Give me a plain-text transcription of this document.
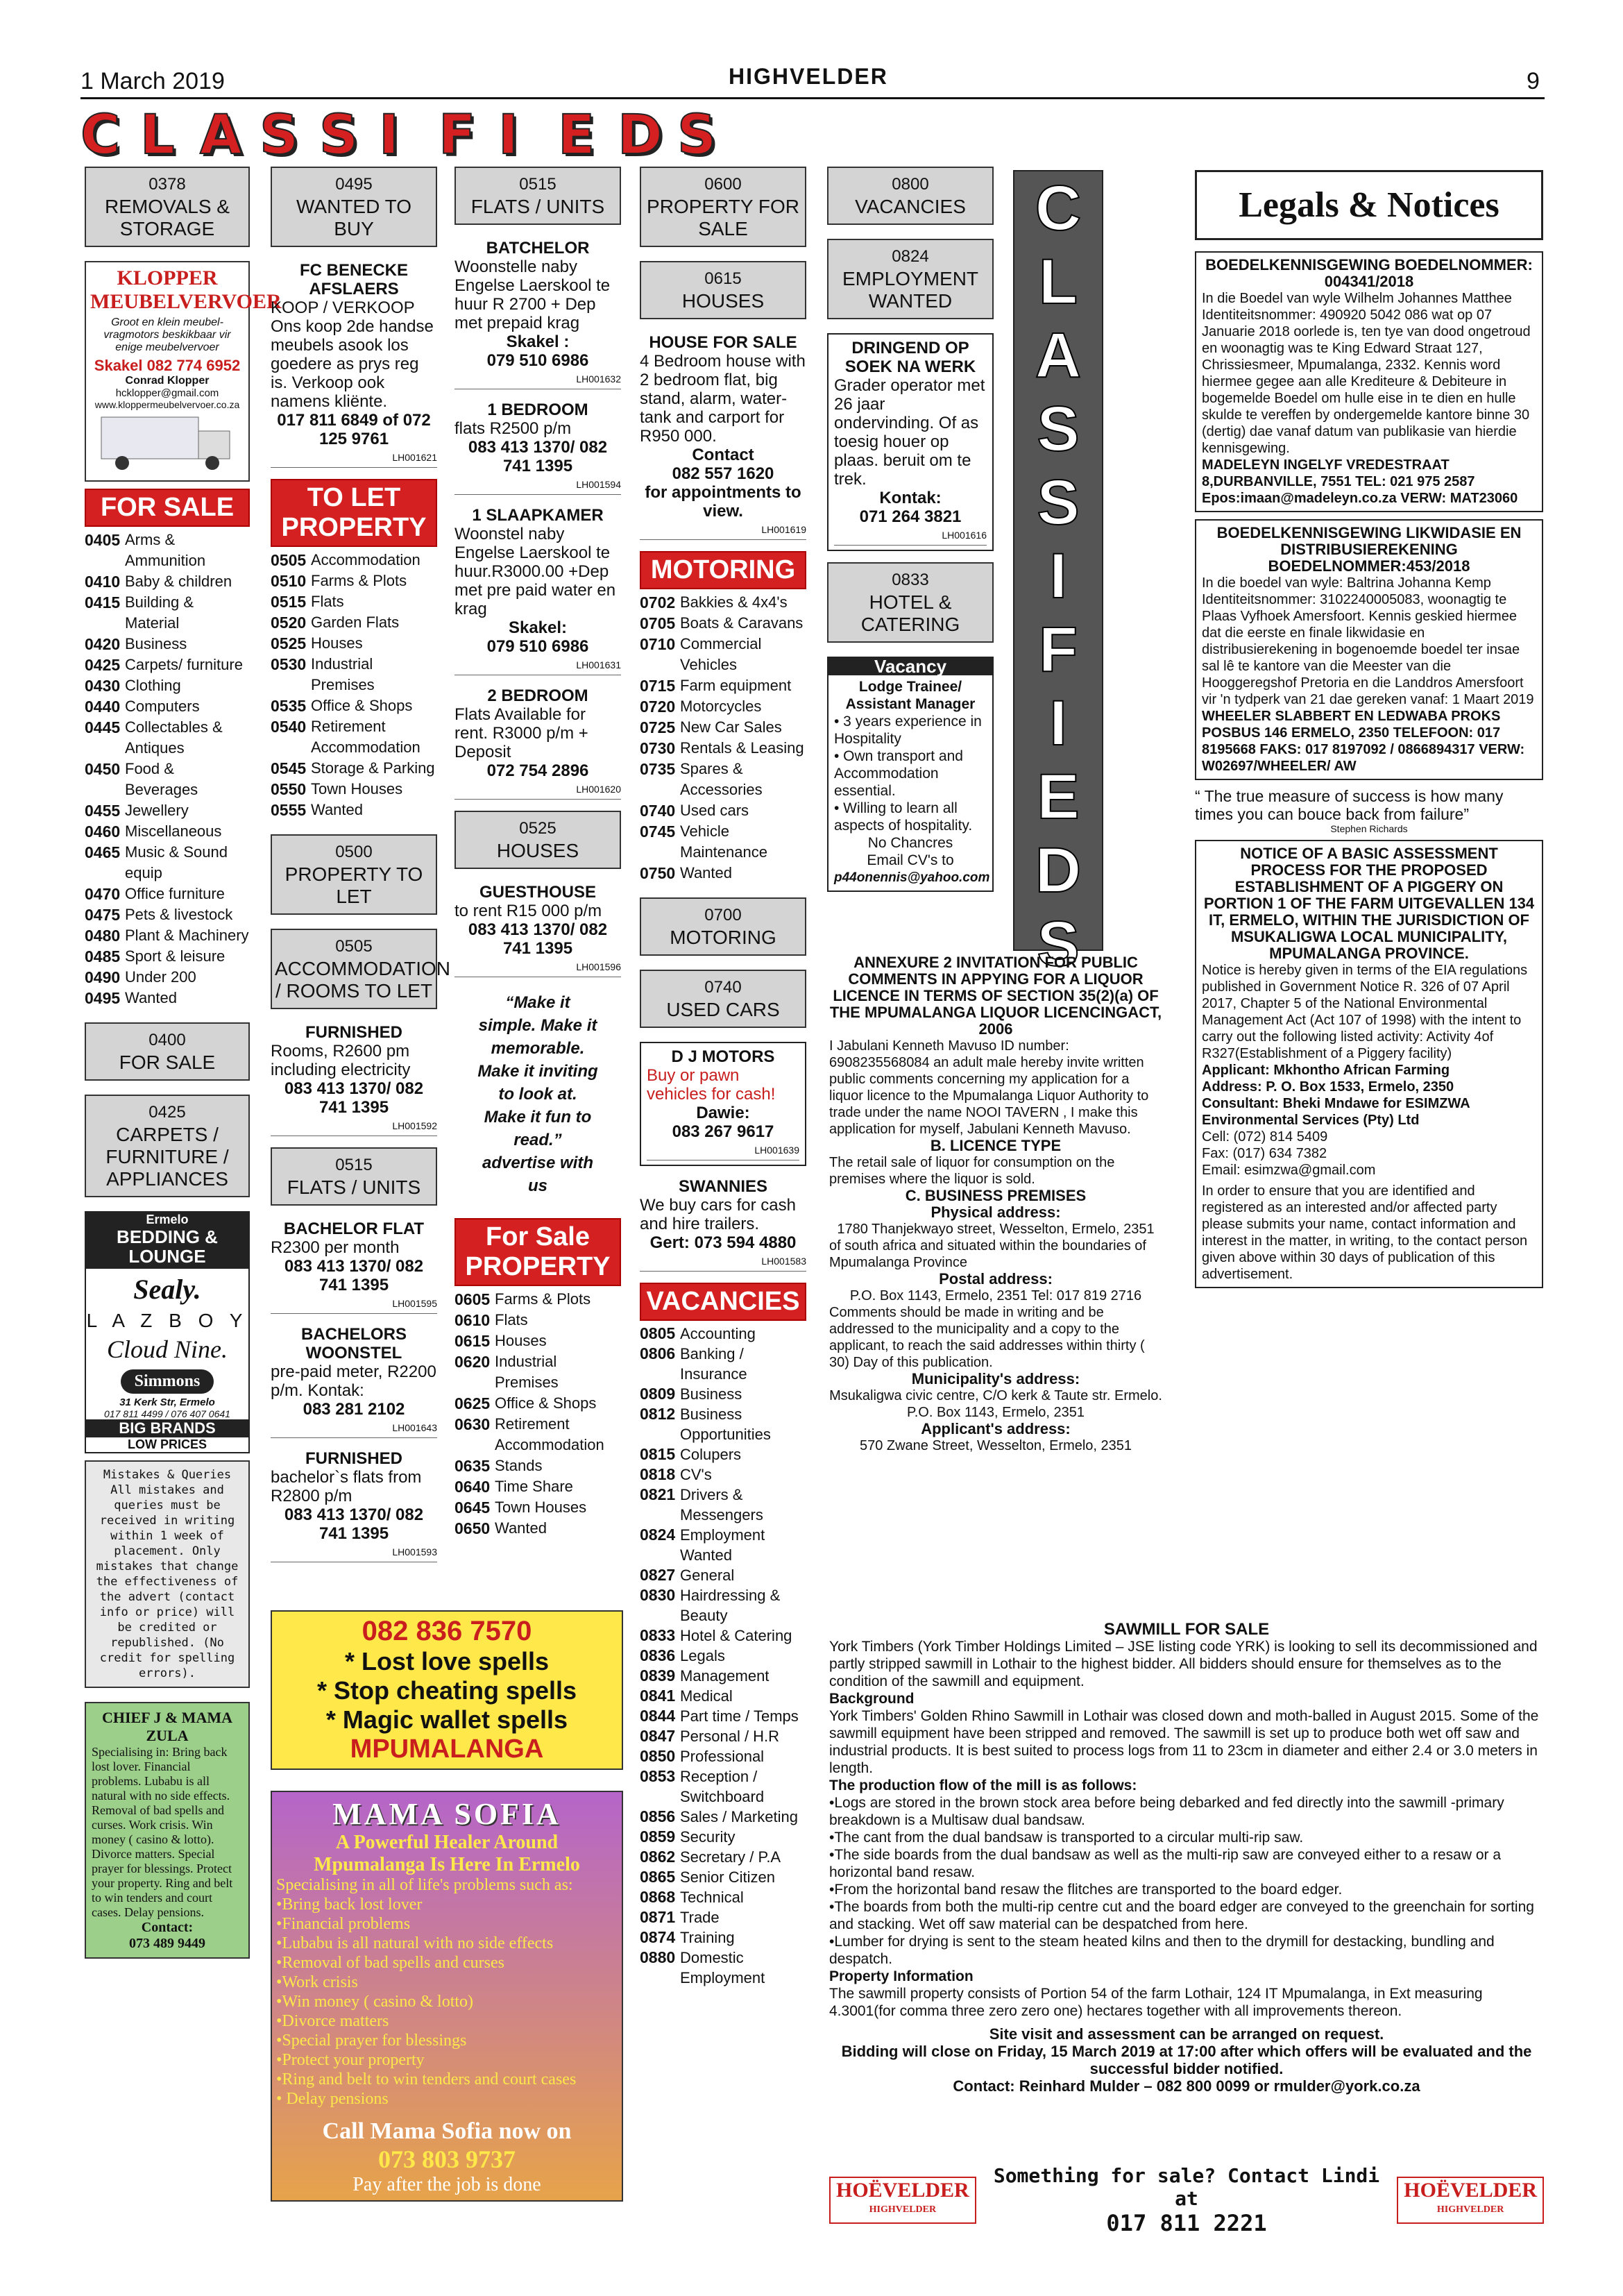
1 March 2019	HIGHVELDER	9
C L A S S I F I E D S
0378
REMOVALS & STORAGE
KLOPPER MEUBELVERVOER
Groot en klein meubel-vragmotors beskikbaar vir enige meubelvervoer
Skakel 082 774 6952
Conrad Klopper
hcklopper@gmail.com
www.kloppermeubelvervoer.co.za
FOR SALE
0405 Arms & Ammunition
0410 Baby & children
0415 Building & Material
0420 Business
0425 Carpets/ furniture
0430 Clothing
0440 Computers
0445 Collectables & Antiques
0450 Food & Beverages
0455 Jewellery
0460 Miscellaneous
0465 Music & Sound equip
0470 Office furniture
0475 Pets & livestock
0480 Plant & Machinery
0485 Sport & leisure
0490 Under 200
0495 Wanted
0400
FOR SALE
0425
CARPETS / FURNITURE / APPLIANCES
Ermelo
BEDDING & LOUNGE
Sealy.
L A Z B O Y
Cloud Nine.
Simmons
31 Kerk Str, Ermelo
017 811 4499 / 076 407 0641
BIG BRANDS
LOW PRICES
Mistakes & Queries All mistakes and queries must be received in writing within 1 week of placement. Only mistakes that change the effectiveness of the advert (contact info or price) will be credited or republished. (No credit for spelling errors).
CHIEF J & MAMA ZULA
Specialising in: Bring back lost lover. Financial problems. Lubabu is all natural with no side effects. Removal of bad spells and curses. Work crisis. Win money ( casino & lotto). Divorce matters. Special prayer for blessings. Protect your property. Ring and belt to win tenders and court cases. Delay pensions.
Contact:
073 489 9449
0495
WANTED TO BUY
FC BENECKE AFSLAERS
KOOP / VERKOOP Ons koop 2de handse meubels asook los goedere as prys reg is. Verkoop ook namens kliënte.
017 811 6849 of 072 125 9761
LH001621
TO LET PROPERTY
0505 Accommodation
0510 Farms & Plots
0515 Flats
0520 Garden Flats
0525 Houses
0530 Industrial Premises
0535 Office & Shops
0540 Retirement Accommodation
0545 Storage & Parking
0550 Town Houses
0555 Wanted
0500
PROPERTY TO LET
0505
ACCOMMODATION / ROOMS TO LET
FURNISHED
Rooms, R2600 pm including electricity
083 413 1370/ 082 741 1395
LH001592
0515
FLATS / UNITS
BACHELOR FLAT
R2300 per month
083 413 1370/ 082 741 1395
LH001595
BACHELORS WOONSTEL
pre-paid meter, R2200 p/m. Kontak:
083 281 2102
LH001643
FURNISHED
bachelor`s flats from R2800 p/m
083 413 1370/ 082 741 1395
LH001593
082 836 7570
* Lost love spells
* Stop cheating spells
* Magic wallet spells
MPUMALANGA
MAMA SOFIA
A Powerful Healer Around
Mpumalanga Is Here In Ermelo
Specialising in all of life's problems such as:
•Bring back lost lover
•Financial problems
•Lubabu is all natural with no side effects
•Removal of bad spells and curses
•Work crisis
•Win money ( casino & lotto)
•Divorce matters
•Special prayer for blessings
•Protect your property
•Ring and belt to win tenders and court cases
• Delay pensions
Call Mama Sofia now on
073 803 9737
Pay after the job is done
0515
FLATS / UNITS
BATCHELOR
Woonstelle naby Engelse Laerskool te huur R 2700 + Dep met prepaid krag
Skakel :
079 510 6986
LH001632
1 BEDROOM
flats R2500 p/m
083 413 1370/ 082 741 1395
LH001594
1 SLAAPKAMER
Woonstel naby Engelse Laerskool te huur.R3000.00 +Dep met pre paid water en krag
Skakel:
079 510 6986
LH001631
2 BEDROOM
Flats Available for rent. R3000 p/m + Deposit
072 754 2896
LH001620
0525
HOUSES
GUESTHOUSE
to rent R15 000 p/m
083 413 1370/ 082 741 1395
LH001596
“Make it simple. Make it memorable. Make it inviting to look at. Make it fun to read.” advertise with us
For Sale PROPERTY
0605 Farms & Plots
0610 Flats
0615 Houses
0620 Industrial Premises
0625 Office & Shops
0630 Retirement Accommodation
0635 Stands
0640 Time Share
0645 Town Houses
0650 Wanted
0600
PROPERTY FOR SALE
0615
HOUSES
HOUSE FOR SALE
4 Bedroom house with 2 bedroom flat, big stand, alarm, water-tank and carport for R950 000.
Contact
082 557 1620
for appointments to view.
LH001619
MOTORING
0702 Bakkies & 4x4's
0705 Boats & Caravans
0710 Commercial Vehicles
0715 Farm equipment
0720 Motorcycles
0725 New Car Sales
0730 Rentals & Leasing
0735 Spares & Accessories
0740 Used cars
0745 Vehicle Maintenance
0750 Wanted
0700
MOTORING
0740
USED CARS
D J MOTORS
Buy or pawn vehicles for cash!
Dawie:
083 267 9617
LH001639
SWANNIES
We buy cars for cash and hire trailers.
Gert: 073 594 4880
LH001583
VACANCIES
0805 Accounting
0806 Banking / Insurance
0809 Business
0812 Business Opportunities
0815 Colupers
0818 CV's
0821 Drivers & Messengers
0824 Employment Wanted
0827 General
0830 Hairdressing & Beauty
0833 Hotel & Catering
0836 Legals
0839 Management
0841 Medical
0844 Part time / Temps
0847 Personal / H.R
0850 Professional
0853 Reception / Switchboard
0856 Sales / Marketing
0859 Security
0862 Secretary / P.A
0865 Senior Citizen
0868 Technical
0871 Trade
0874 Training
0880 Domestic Employment
0800
VACANCIES
0824
EMPLOYMENT WANTED
DRINGEND OP SOEK NA WERK
Grader operator met 26 jaar ondervinding. Of as toesig houer op plaas. beruit om te trek.
Kontak:
071 264 3821
LH001616
0833
HOTEL & CATERING
Vacancy
Lodge Trainee/ Assistant Manager
• 3 years experience in Hospitality
• Own transport and Accommodation essential.
• Willing to learn all aspects of hospitality.
No Chancres
Email CV's to
p44onennis@yahoo.com
C
L
A
S
S
I
F
I
E
D
S
ANNEXURE 2 INVITATION FOR PUBLIC COMMENTS IN APPYING FOR A LIQUOR LICENCE IN TERMS OF SECTION 35(2)(a) OF THE MPUMALANGA LIQUOR LICENCINGACT, 2006
I Jabulani Kenneth Mavuso ID number: 6908235568084 an adult male hereby invite written public comments concerning my application for a liquor licence to the Mpumalanga Liquor Authority to trade under the name NOOI TAVERN , I make this application for myself, Jabulani Kenneth Mavuso.
B. LICENCE TYPE
The retail sale of liquor for consumption on the premises where the liquor is sold.
C. BUSINESS PREMISES
Physical address:
1780 Thanjekwayo street, Wesselton, Ermelo, 2351
of south africa and situated within the boundaries of Mpumalanga Province
Postal address:
P.O. Box 1143, Ermelo, 2351 Tel: 017 819 2716
Comments should be made in writing and be addressed to the municipality and a copy to the applicant, to reach the said addresses within thirty ( 30) Day of this publication.
Municipality's address:
Msukaligwa civic centre, C/O kerk & Taute str. Ermelo. P.O. Box 1143, Ermelo, 2351
Applicant's address:
570 Zwane Street, Wesselton, Ermelo, 2351
Legals & Notices
BOEDELKENNISGEWING BOEDELNOMMER: 004341/2018
In die Boedel van wyle Wilhelm Johannes Matthee Identiteitsnommer: 490920 5042 086 wat op 07 Januarie 2018 oorlede is, ten tye van dood ongetroud en woonagtig was te King Edward Straat 127, Chrissiesmeer, Mpumalanga, 2332. Kennis word hiermee gegee aan alle Krediteure & Debiteure in bogemelde Boedel om hulle eise in te dien en hulle skulde te vereffen by ondergemelde kantore binne 30 (dertig) dae vanaf datum van publikasie van hierdie kennisgewing.
MADELEYN INGELYF VREDESTRAAT 8,DURBANVILLE, 7551 TEL: 021 975 2587 Epos:imaan@madeleyn.co.za VERW: MAT23060
BOEDELKENNISGEWING LIKWIDASIE EN DISTRIBUSIEREKENING BOEDELNOMMER:453/2018
In die boedel van wyle: Baltrina Johanna Kemp Identiteitsnommer: 3102240005083, woonagtig te Plaas Vyfhoek Amersfoort. Kennis geskied hiermee dat die eerste en finale likwidasie en distribusierekening in bogenoemde boedel ter insae sal lê te kantore van die Meester van die Hooggeregshof Pretoria en die Landdros Amersfoort vir 'n tydperk van 21 dae gereken vanaf: 1 Maart 2019
WHEELER SLABBERT EN LEDWABA PROKS POSBUS 146 ERMELO, 2350 TELEFOON: 017 8195668 FAKS: 017 8197092 / 0866894317 VERW: W02697/WHEELER/ AW
“ The true measure of success is how many times you can bouce back from failure”
Stephen Richards
NOTICE OF A BASIC ASSESSMENT PROCESS FOR THE PROPOSED ESTABLISHMENT OF A PIGGERY ON PORTION 1 OF THE FARM UITGEVALLEN 134 IT, ERMELO, WITHIN THE JURISDICTION OF MSUKALIGWA LOCAL MUNICIPALITY, MPUMALANGA PROVINCE.
Notice is hereby given in terms of the EIA regulations published in Government Notice R. 326 of 07 April 2017, Chapter 5 of the National Environmental Management Act (Act 107 of 1998) with the intent to carry out the following listed activity: Activity 4of R327(Establishment of a Piggery facility)
Applicant: Mkhontho African Farming
Address: P. O. Box 1533, Ermelo, 2350
Consultant: Bheki Mndawe for ESIMZWA Environmental Services (Pty) Ltd
Cell: (072) 814 5409
Fax: (017) 634 7382
Email: esimzwa@gmail.com
In order to ensure that you are identified and registered as an interested and/or affected party please submits your name, contact information and interest in the matter, in writing, to the contact person given above within 30 days of publication of this advertisement.
SAWMILL FOR SALE
York Timbers (York Timber Holdings Limited – JSE listing code YRK) is looking to sell its decommissioned and partly stripped sawmill in Lothair to the highest bidder. All bidders should ensure for themselves as to the condition of the sawmill and equipment.
Background
York Timbers' Golden Rhino Sawmill in Lothair was closed down and moth-balled in August 2015. Some of the sawmill equipment have been stripped and removed. The sawmill is set up to produce both wet off saw and industrial products. It is best suited to process logs from 11 to 23cm in diameter and either 2.4 or 3.0 meters in length.
The production flow of the mill is as follows:
•Logs are stored in the brown stock area before being debarked and fed directly into the sawmill -primary breakdown is a Multisaw dual bandsaw.
•The cant from the dual bandsaw is transported to a circular multi-rip saw.
•The side boards from the dual bandsaw as well as the multi-rip saw are conveyed either to a resaw or a horizontal band resaw.
•From the horizontal band resaw the flitches are transported to the board edger.
•The boards from both the multi-rip centre cut and the board edger are conveyed to the greenchain for sorting and stacking. Wet off saw material can be despatched from here.
•Lumber for drying is sent to the steam heated kilns and then to the drymill for destacking, bundling and despatch.
Property Information
The sawmill property consists of Portion 54 of the farm Lothair, 124 IT Mpumalanga, in Ext measuring 4.3001(for comma three zero zero one) hectares together with all improvements thereon.
Site visit and assessment can be arranged on request.
Bidding will close on Friday, 15 March 2019 at 17:00 after which offers will be evaluated and the successful bidder notified.
Contact: Reinhard Mulder – 082 800 0099 or rmulder@york.co.za
HOËVELDER
HIGHVELDER
Something for sale? Contact Lindi at
017 811 2221
HOËVELDER
HIGHVELDER
